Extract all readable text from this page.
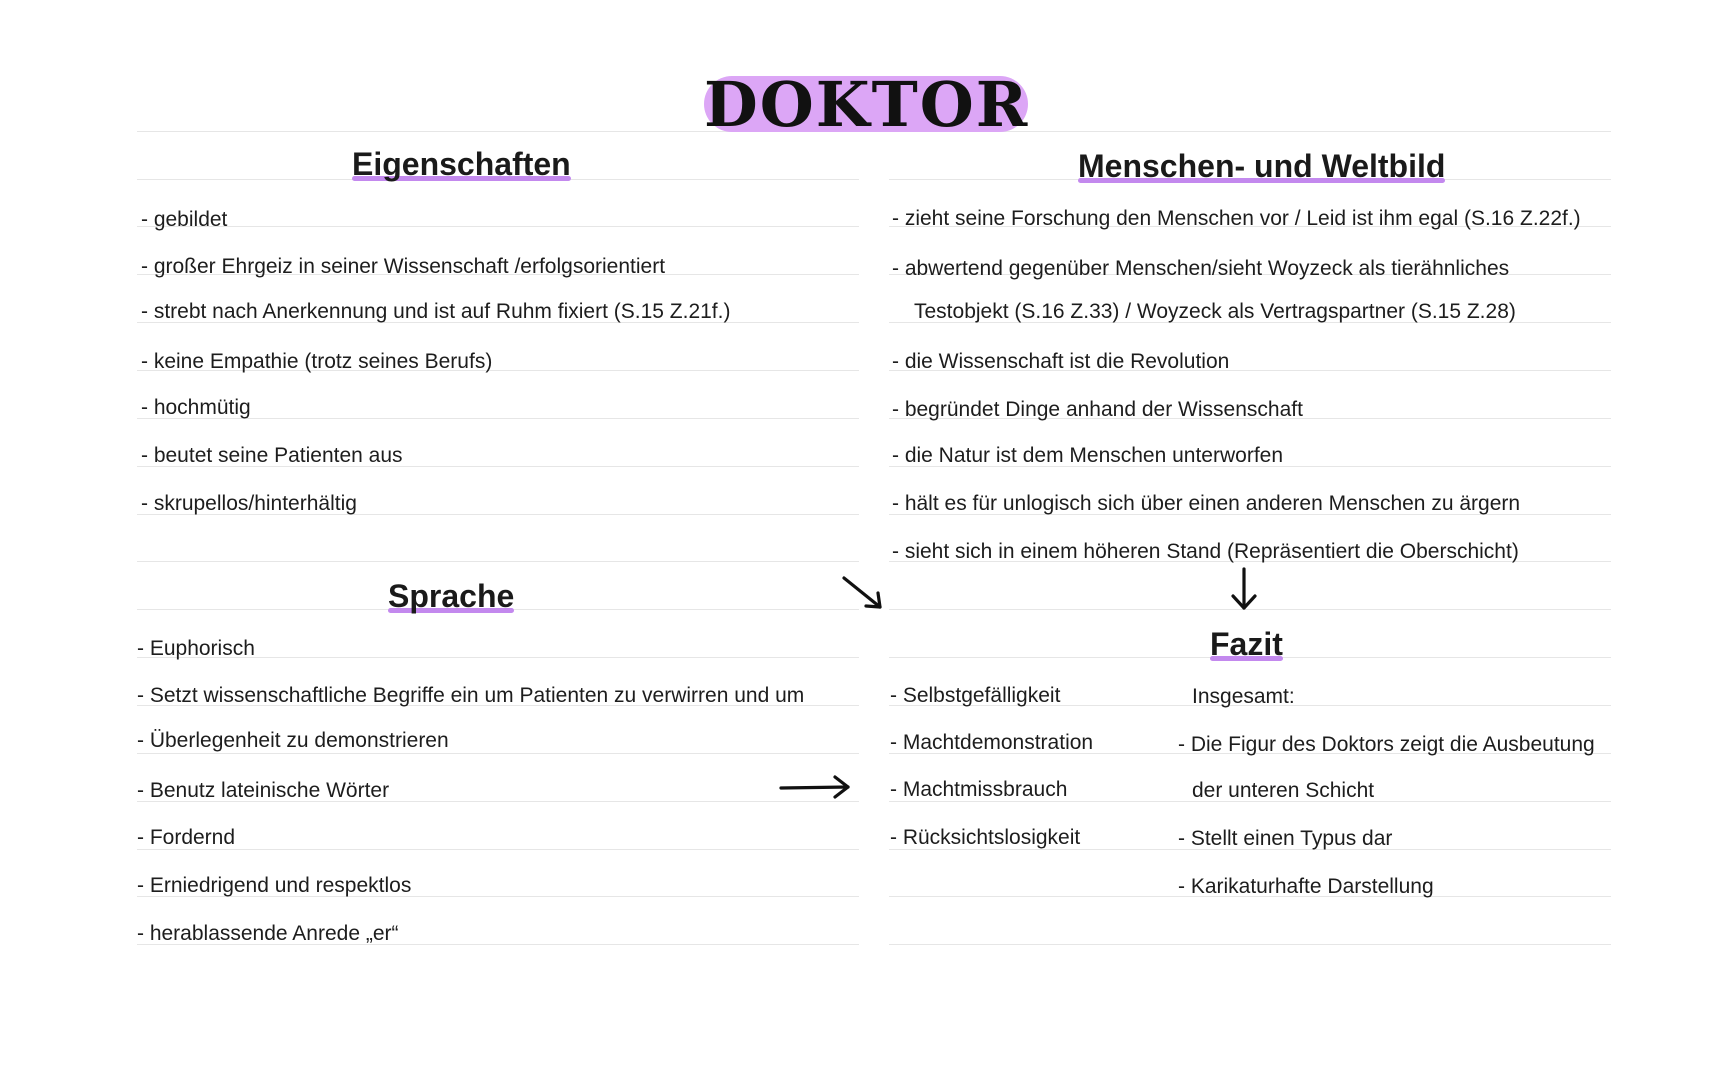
DOKTOR
Eigenschaften
- gebildet
- großer Ehrgeiz in seiner Wissenschaft /erfolgsorientiert
- strebt nach Anerkennung und ist auf Ruhm fixiert (S.15 Z.21f.)
- keine Empathie (trotz seines Berufs)
- hochmütig
- beutet seine Patienten aus
- skrupellos/hinterhältig
Menschen- und Weltbild
- zieht seine Forschung den Menschen vor / Leid ist ihm egal (S.16 Z.22f.)
- abwertend gegenüber Menschen/sieht Woyzeck als tierähnliches
Testobjekt (S.16 Z.33) / Woyzeck als Vertragspartner (S.15 Z.28)
- die Wissenschaft ist die Revolution
- begründet Dinge anhand der Wissenschaft
- die Natur ist dem Menschen unterworfen
- hält es für unlogisch sich über einen anderen Menschen zu ärgern
- sieht sich in einem höheren Stand (Repräsentiert die Oberschicht)
Sprache
- Euphorisch
- Setzt wissenschaftliche Begriffe ein um Patienten zu verwirren und um
- Überlegenheit zu demonstrieren
- Benutz lateinische Wörter
- Fordernd
- Erniedrigend und respektlos
- herablassende Anrede „er“
Fazit
- Selbstgefälligkeit
- Machtdemonstration
- Machtmissbrauch
- Rücksichtslosigkeit
Insgesamt:
- Die Figur des Doktors zeigt die Ausbeutung
der unteren Schicht
- Stellt einen Typus dar
- Karikaturhafte Darstellung
